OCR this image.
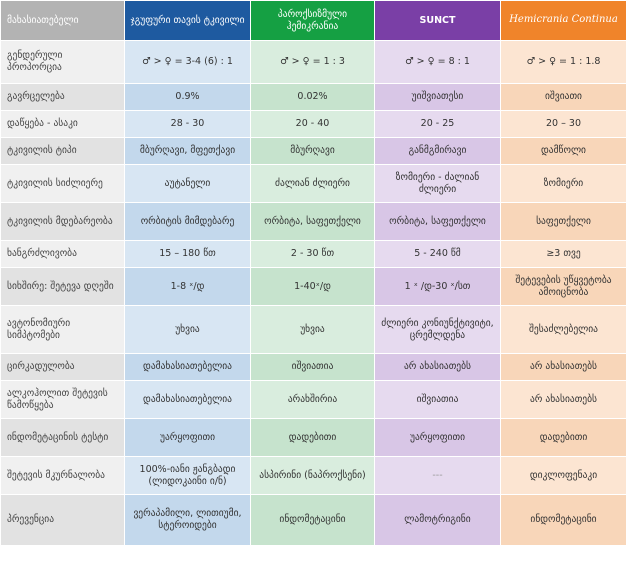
მახასიათებელი	ჯგუფური თავის ტკივილი	პაროქსიზმული ჰემიკრანია	SUNCT	Hemicrania Continua
გენდერული პროპორცია	♂ > ♀ = 3-4 (6) : 1	♂ > ♀ = 1 : 3	♂ > ♀ = 8 : 1	♂ > ♀ = 1 : 1.8
გავრცელება	0.9%	0.02%	უიშვიათესი	იშვიათი
დაწყება - ასაკი	28 - 30	20 - 40	20 - 25	20 – 30
ტკივილის ტიპი	მბურღავი, მფეთქავი	მბურღავი	განმგმირავი	დამწოლი
ტკივილის სიძლიერე	აუტანელი	ძალიან ძლიერი	ზომიერი - ძალიან ძლიერი	ზომიერი
ტკივილის მდებარეობა	ორბიტის მიმდებარე	ორბიტა, საფეთქელი	ორბიტა, საფეთქელი	საფეთქელი
ხანგრძლივობა	15 – 180 წთ	2 - 30 წთ	5 - 240 წმ	≥3 თვე
სიხშირე: შეტევა დღეში	1-8 ˣ/დ	1-40ˣ/დ	1 ˣ /დ-30 ˣ/სთ	შეტევების უწყვეტობა ამოიცნობა
ავტონომიური სიმპტომები	უხვია	უხვია	ძლიერი კონიუნქტივიტი, ცრემლდენა	შესაძლებელია
ცირკადულობა	დამახასიათებელია	იშვიათია	არ ახასიათებს	არ ახასიათებს
ალკოჰოლით შეტევის წამოწყება	დამახასიათებელია	არახშირია	იშვიათია	არ ახასიათებს
ინდომეტაცინის ტესტი	უარყოფითი	დადებითი	უარყოფითი	დადებითი
შეტევის მკურნალობა	100%-იანი ჟანგბადი (ლიდოკაინი ი/ნ)	ასპირინი (ნაპროქსენი)	---	დიკლოფენაკი
პრევენცია	ვერაპამილი, ლითიუმი, სტეროიდები	ინდომეტაცინი	ლამოტრიგინი	ინდომეტაცინი
